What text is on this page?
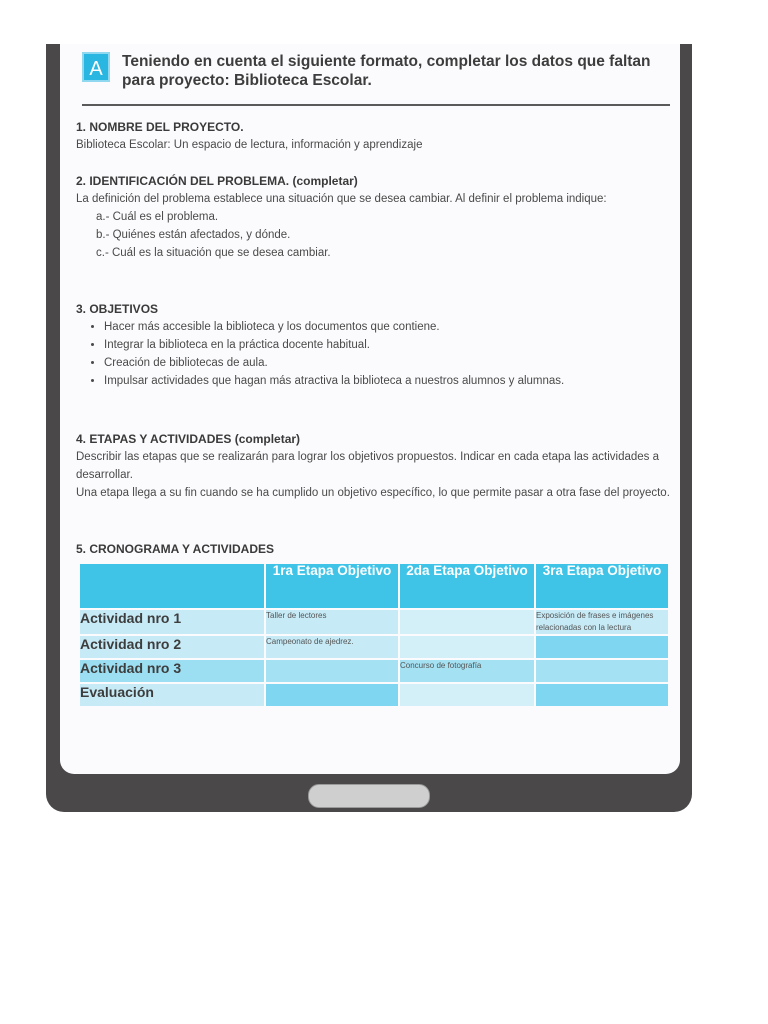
A	Teniendo en cuenta el siguiente formato, completar los datos que faltan para proyecto: Biblioteca Escolar.
1. NOMBRE DEL PROYECTO.
Biblioteca Escolar: Un espacio de lectura, información y aprendizaje
2. IDENTIFICACIÓN DEL PROBLEMA. (completar)
La definición del problema establece una situación que se desea cambiar. Al definir el problema indique:
a.- Cuál es el problema.
b.- Quiénes están afectados, y dónde.
c.- Cuál es la situación que se desea cambiar.
3. OBJETIVOS
• Hacer más accesible la biblioteca y los documentos que contiene.
• Integrar la biblioteca en la práctica docente habitual.
• Creación de bibliotecas de aula.
• Impulsar actividades que hagan más atractiva la biblioteca a nuestros alumnos y alumnas.
4. ETAPAS Y ACTIVIDADES (completar)
Describir las etapas que se realizarán para lograr los objetivos propuestos. Indicar en cada etapa las actividades a desarrollar.
Una etapa llega a su fin cuando se ha cumplido un objetivo específico, lo que permite pasar a otra fase del proyecto.
5. CRONOGRAMA Y ACTIVIDADES
	1ra Etapa Objetivo	2da Etapa Objetivo	3ra Etapa Objetivo
Actividad nro 1	Taller de lectores		Exposición de frases e imágenes relacionadas con la lectura
Actividad nro 2	Campeonato de ajedrez.		
Actividad nro 3		Concurso de fotografía	
Evaluación			
